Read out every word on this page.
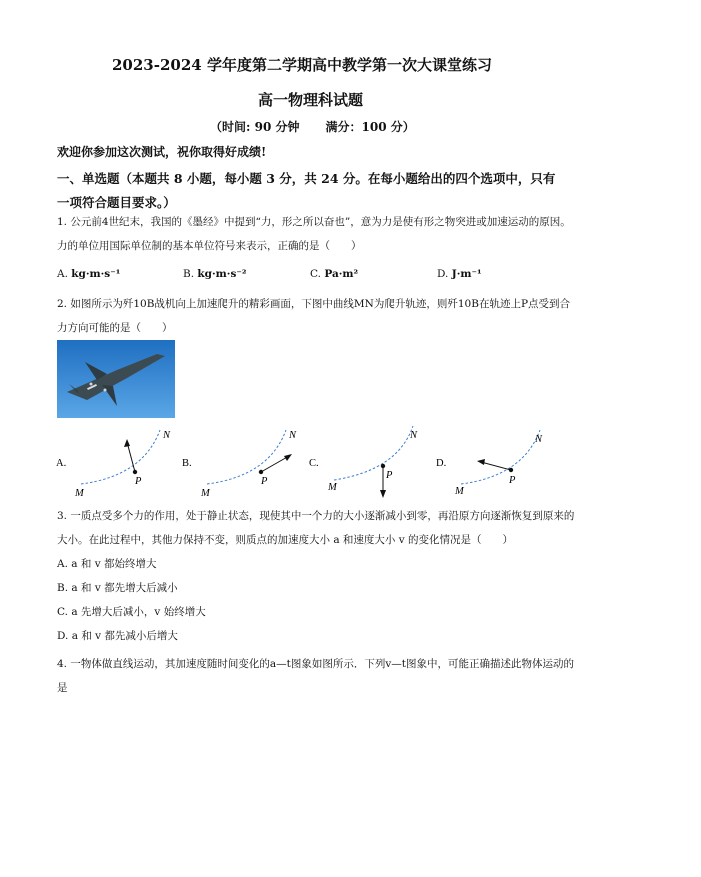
2023-2024 学年度第二学期高中教学第一次大课堂练习
高一物理科试题
（时间: 90 分钟 满分：100 分）
欢迎你参加这次测试，祝你取得好成绩!
一、单选题（本题共 8 小题，每小题 3 分，共 24 分。在每小题给出的四个选项中，只有一项符合题目要求。）
1. 公元前4世纪末，我国的《墨经》中提到“力，形之所以奋也”，意为力是使有形之物突进或加速运动的原因。力的单位用国际单位制的基本单位符号来表示，正确的是（　　）
A. kg·m·s⁻¹	B. kg·m·s⁻²	C. Pa·m²	D. J·m⁻¹
2. 如图所示为歼10B战机向上加速爬升的精彩画面，下图中曲线MN为爬升轨迹，则歼10B在轨迹上P点受到合力方向可能的是（　　）
A.
M
N
P
B.
M
N
P
C.
M
N
P
D.
M
N
P
3. 一质点受多个力的作用，处于静止状态，现使其中一个力的大小逐渐减小到零，再沿原方向逐渐恢复到原来的大小。在此过程中，其他力保持不变，则质点的加速度大小 a 和速度大小 v 的变化情况是（　　）
A. a 和 v 都始终增大
B. a 和 v 都先增大后减小
C. a 先增大后减小，v 始终增大
D. a 和 v 都先减小后增大
4. 一物体做直线运动，其加速度随时间变化的a—t图象如图所示．下列v—t图象中，可能正确描述此物体运动的是
